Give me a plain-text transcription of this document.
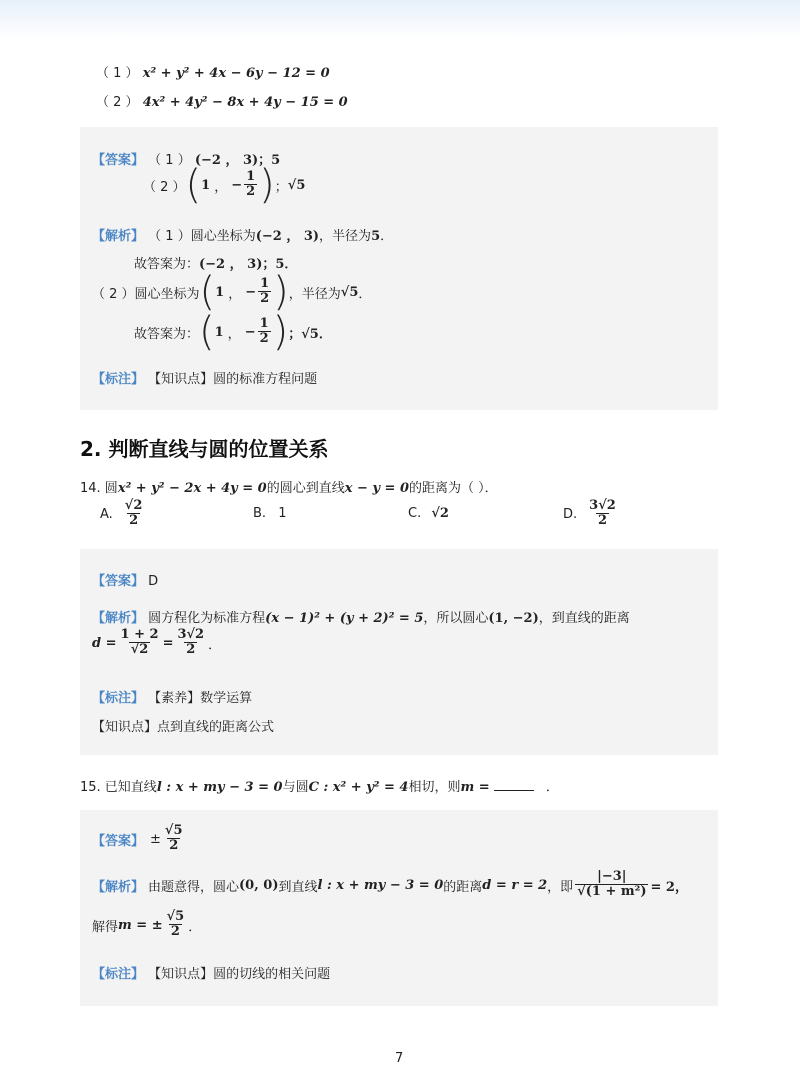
（ 1 ） x² + y² + 4x − 6y − 12 = 0
（ 2 ） 4x² + 4y² − 8x + 4y − 15 = 0
【答案】 （ 1 ） (−2 ， 3)；5
（ 2 ） ( 1 ， − $\frac{1}{2}$ ) ； √5
【解析】 （ 1 ）圆心坐标为(−2 ， 3)，半径为5．
故答案为：(−2 ， 3)；5．
（ 2 ）圆心坐标为 ( 1 ， − $\frac{1}{2}$ ) ，半径为 √5 ．
故答案为： ( 1 ， − $\frac{1}{2}$ ) ；√5．
【标注】 【知识点】圆的标准方程问题
2. 判断直线与圆的位置关系
14. 圆x² + y² − 2x + 4y = 0的圆心到直线x − y = 0的距离为（ ）．
A. $\frac{√2}{2}$	B. 1	C. √2	D. $\frac{3√2}{2}$
【答案】 D
【解析】 圆方程化为标准方程(x − 1)² + (y + 2)² = 5，所以圆心(1, −2)，到直线的距离
$d = \frac{1 + 2}{√2} = \frac{3√2}{2}$ ．
【标注】 【素养】数学运算
【知识点】点到直线的距离公式
15. 已知直线l : x + my − 3 = 0与圆C : x² + y² = 4相切，则m =	．
【答案】 ± $\frac{√5}{2}$
【解析】 由题意得，圆心 (0, 0) 到直线 l : x + my − 3 = 0 的距离 d = r = 2 ，即 $\frac{|-3|}{\text{√(1 + m²)}} = 2$，
解得 m = ± $\frac{√5}{2}$ ．
【标注】 【知识点】圆的切线的相关问题
7
